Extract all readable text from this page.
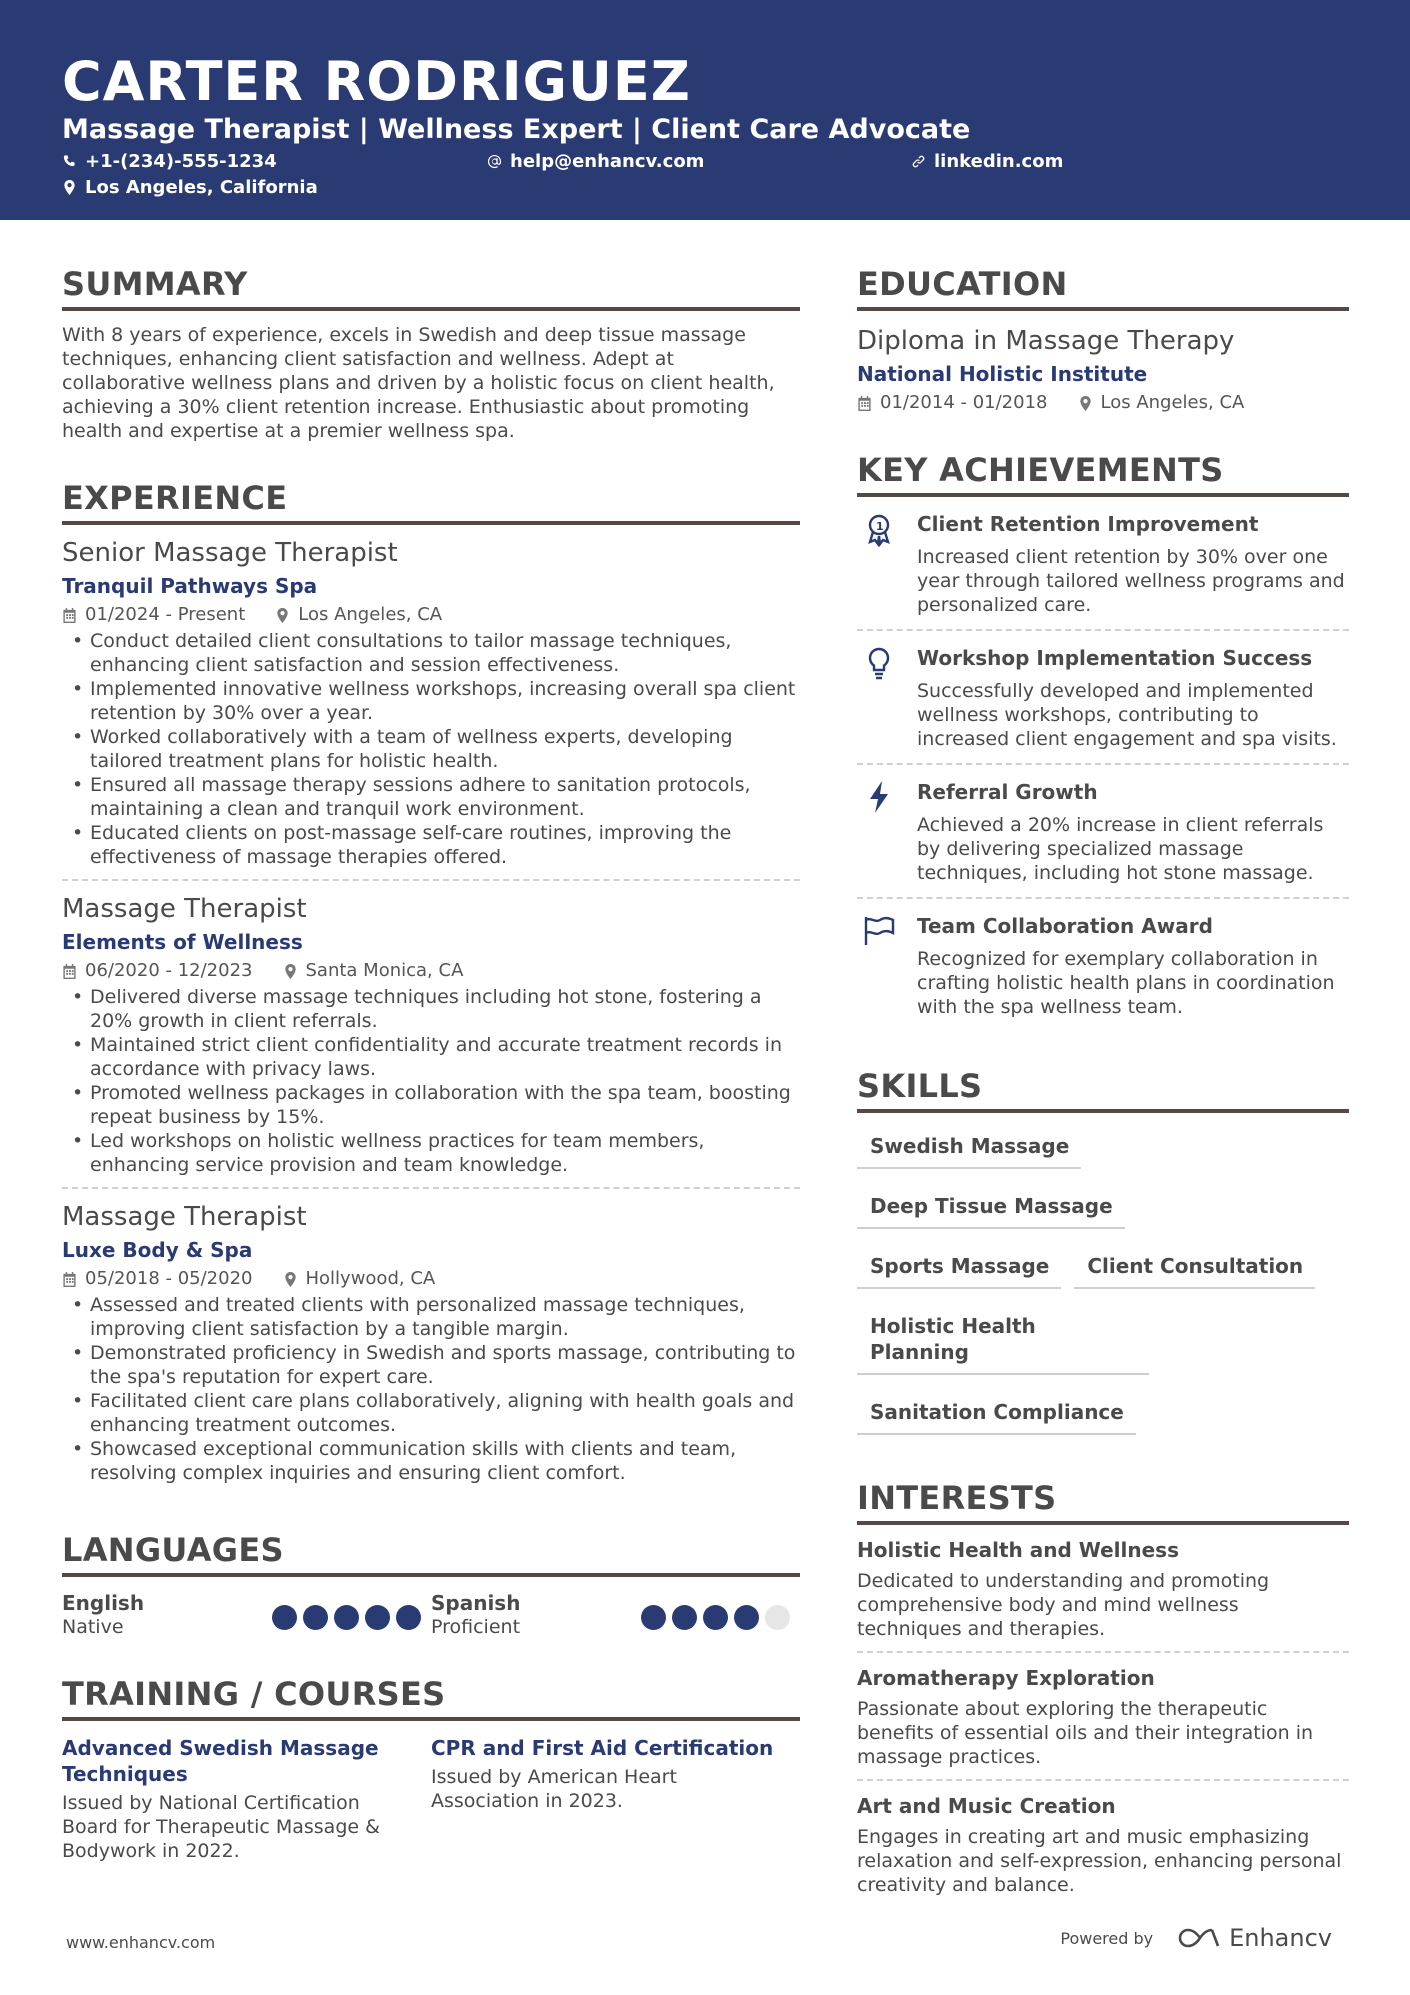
CARTER RODRIGUEZ
Massage Therapist | Wellness Expert | Client Care Advocate
+1-(234)-555-1234	help@enhancv.com	linkedin.com
Los Angeles, California
SUMMARY
With 8 years of experience, excels in Swedish and deep tissue massage techniques, enhancing client satisfaction and wellness. Adept at collaborative wellness plans and driven by a holistic focus on client health, achieving a 30% client retention increase. Enthusiastic about promoting health and expertise at a premier wellness spa.
EXPERIENCE
Senior Massage Therapist
Tranquil Pathways Spa
01/2024 - Present	Los Angeles, CA
• Conduct detailed client consultations to tailor massage techniques, enhancing client satisfaction and session effectiveness.
• Implemented innovative wellness workshops, increasing overall spa client retention by 30% over a year.
• Worked collaboratively with a team of wellness experts, developing tailored treatment plans for holistic health.
• Ensured all massage therapy sessions adhere to sanitation protocols, maintaining a clean and tranquil work environment.
• Educated clients on post-massage self-care routines, improving the effectiveness of massage therapies offered.
Massage Therapist
Elements of Wellness
06/2020 - 12/2023	Santa Monica, CA
• Delivered diverse massage techniques including hot stone, fostering a 20% growth in client referrals.
• Maintained strict client confidentiality and accurate treatment records in accordance with privacy laws.
• Promoted wellness packages in collaboration with the spa team, boosting repeat business by 15%.
• Led workshops on holistic wellness practices for team members, enhancing service provision and team knowledge.
Massage Therapist
Luxe Body & Spa
05/2018 - 05/2020	Hollywood, CA
• Assessed and treated clients with personalized massage techniques, improving client satisfaction by a tangible margin.
• Demonstrated proficiency in Swedish and sports massage, contributing to the spa's reputation for expert care.
• Facilitated client care plans collaboratively, aligning with health goals and enhancing treatment outcomes.
• Showcased exceptional communication skills with clients and team, resolving complex inquiries and ensuring client comfort.
LANGUAGES
English
Native
Spanish
Proficient
TRAINING / COURSES
Advanced Swedish Massage Techniques
Issued by National Certification Board for Therapeutic Massage & Bodywork in 2022.
CPR and First Aid Certification
Issued by American Heart Association in 2023.
EDUCATION
Diploma in Massage Therapy
National Holistic Institute
01/2014 - 01/2018	Los Angeles, CA
KEY ACHIEVEMENTS
1 Client Retention Improvement
Increased client retention by 30% over one year through tailored wellness programs and personalized care.
Workshop Implementation Success
Successfully developed and implemented wellness workshops, contributing to increased client engagement and spa visits.
Referral Growth
Achieved a 20% increase in client referrals by delivering specialized massage techniques, including hot stone massage.
Team Collaboration Award
Recognized for exemplary collaboration in crafting holistic health plans in coordination with the spa wellness team.
SKILLS
Swedish Massage
Deep Tissue Massage
Sports Massage	Client Consultation
Holistic Health Planning
Sanitation Compliance
INTERESTS
Holistic Health and Wellness
Dedicated to understanding and promoting comprehensive body and mind wellness techniques and therapies.
Aromatherapy Exploration
Passionate about exploring the therapeutic benefits of essential oils and their integration in massage practices.
Art and Music Creation
Engages in creating art and music emphasizing relaxation and self-expression, enhancing personal creativity and balance.
www.enhancv.com	Powered by	Enhancv
